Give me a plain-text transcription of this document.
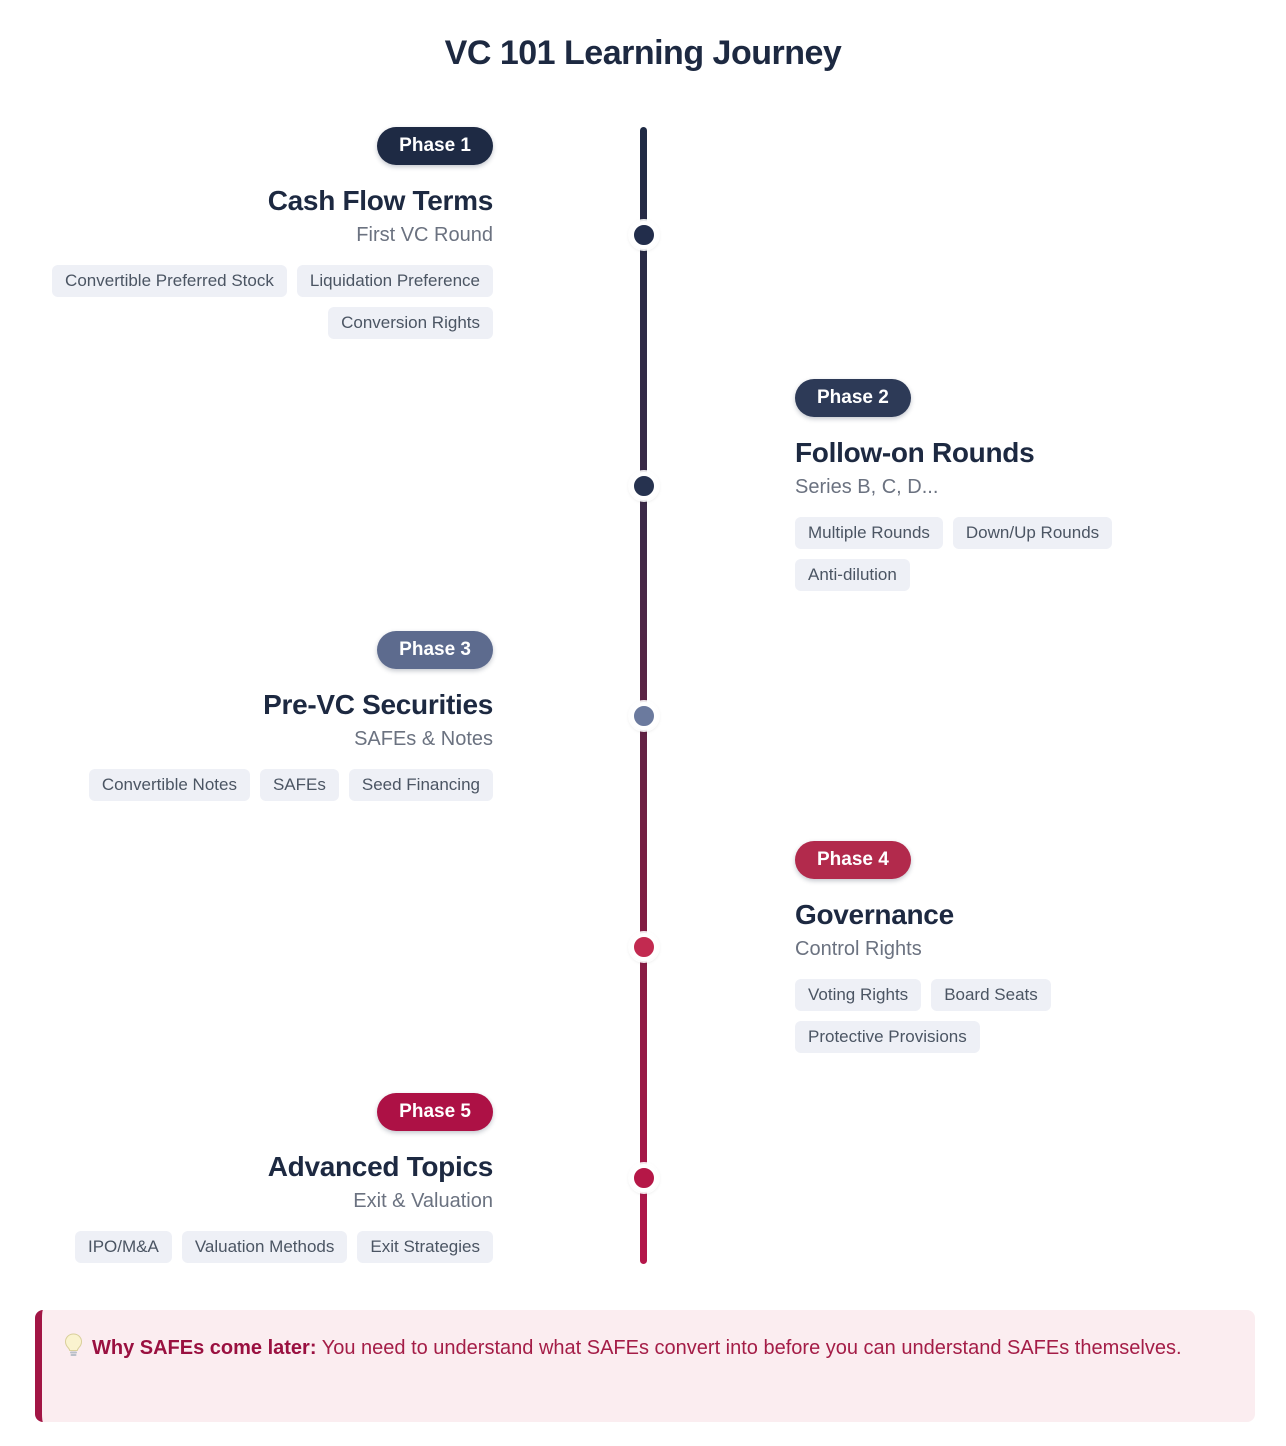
VC 101 Learning Journey
Phase 1
Cash Flow Terms
First VC Round
Convertible Preferred Stock	Liquidation Preference
Conversion Rights
Phase 2
Follow-on Rounds
Series B, C, D...
Multiple Rounds	Down/Up Rounds
Anti-dilution
Phase 3
Pre-VC Securities
SAFEs & Notes
Convertible Notes	SAFEs	Seed Financing
Phase 4
Governance
Control Rights
Voting Rights	Board Seats
Protective Provisions
Phase 5
Advanced Topics
Exit & Valuation
IPO/M&A	Valuation Methods	Exit Strategies

Why SAFEs come later: You need to understand what SAFEs convert into before you can understand SAFEs themselves.
